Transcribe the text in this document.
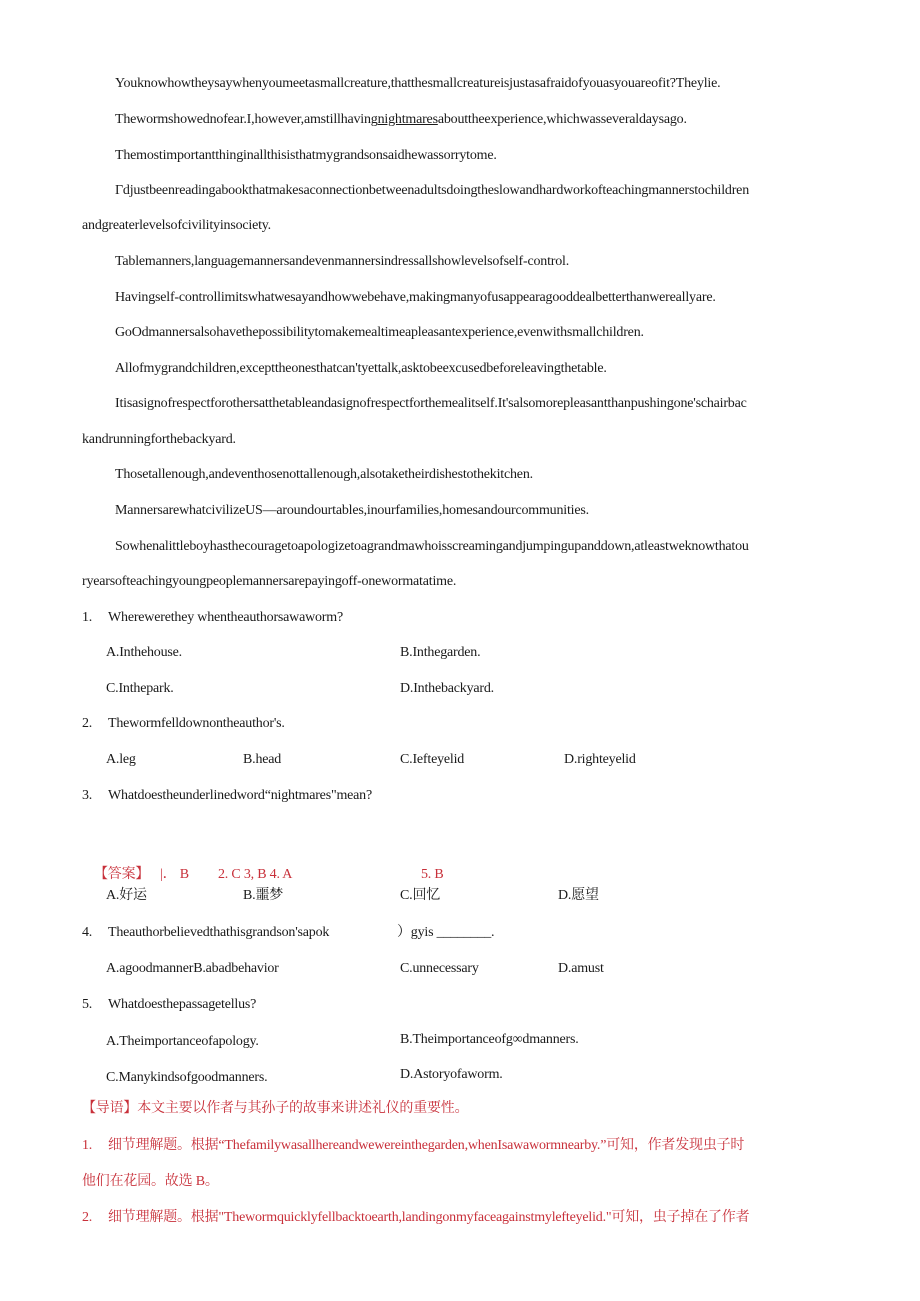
Youknowhowtheysaywhenyoumeetasmallcreature,thatthesmallcreatureisjustasafraidofyouasyouareofit?Theylie.
Thewormshowednofear.I,however,amstillhavingnightmaresabouttheexperience,whichwasseveraldaysago.
Themostimportantthinginallthisisthatmygrandsonsaidhewassorrytome.
Γdjustbeenreadingabookthatmakesaconnectionbetweenadultsdoingtheslowandhardworkofteachingmannerstochildren
andgreaterlevelsofcivilityinsociety.
Tablemanners,languagemannersandevenmannersindressallshowlevelsofself-control.
Havingself-controllimitswhatwesayandhowwebehave,makingmanyofusappearagooddealbetterthanwereallyare.
GoOdmannersalsohavethepossibilitytomakemealtimeapleasantexperience,evenwithsmallchildren.
Allofmygrandchildren,excepttheonesthatcan'tyettalk,asktobeexcusedbeforeleavingthetable.
Itisasignofrespectforothersatthetableandasignofrespectforthemealitself.It'salsomorepleasantthanpushingone'schairbac
kandrunningforthebackyard.
Thosetallenough,andeventhosenottallenough,alsotaketheirdishestothekitchen.
MannersarewhatcivilizeUS—aroundourtables,inourfamilies,homesandourcommunities.
Sowhenalittleboyhasthecouragetoapologizetoagrandmawhoisscreamingandjumpingupanddown,atleastweknowthatou
ryearsofteachingyoungpeoplemannersarepayingoff-onewormatatime.
1. Wherewerethey whentheauthorsawaworm?
A.Inthehouse.	B.Inthegarden.
C.Inthepark.	D.Inthebackyard.
2. Thewormfelldownontheauthor's.
A.leg	B.head	C.Iefteyelid	D.righteyelid
3. Whatdoestheunderlinedword“nightmares"mean?
【答案】 |． B 2. C 3, B 4. A	5. B
A.好运	B.噩梦	C.回忆	D.愿望
4. Theauthorbelievedthathisgrandson'sapok	）gyis ________.
A.agoodmannerB.abadbehavior	C.unnecessary	D.amust
5. Whatdoesthepassagetellus?
A.Theimportanceofapology.	B.Theimportanceofg∞dmanners.
C.Manykindsofgoodmanners.	D.Astoryofaworm.
【导语】本文主要以作者与其孙子的故事来讲述礼仪的重要性。
1. 细节理解题。根据“Thefamilywasallhereandwewereinthegarden,whenIsawawormnearby.”可知，作者发现虫子时
他们在花园。故选 B。
2. 细节理解题。根据"Thewormquicklyfellbacktoearth,landingonmyfaceagainstmylefteyelid."可知，虫子掉在了作者
